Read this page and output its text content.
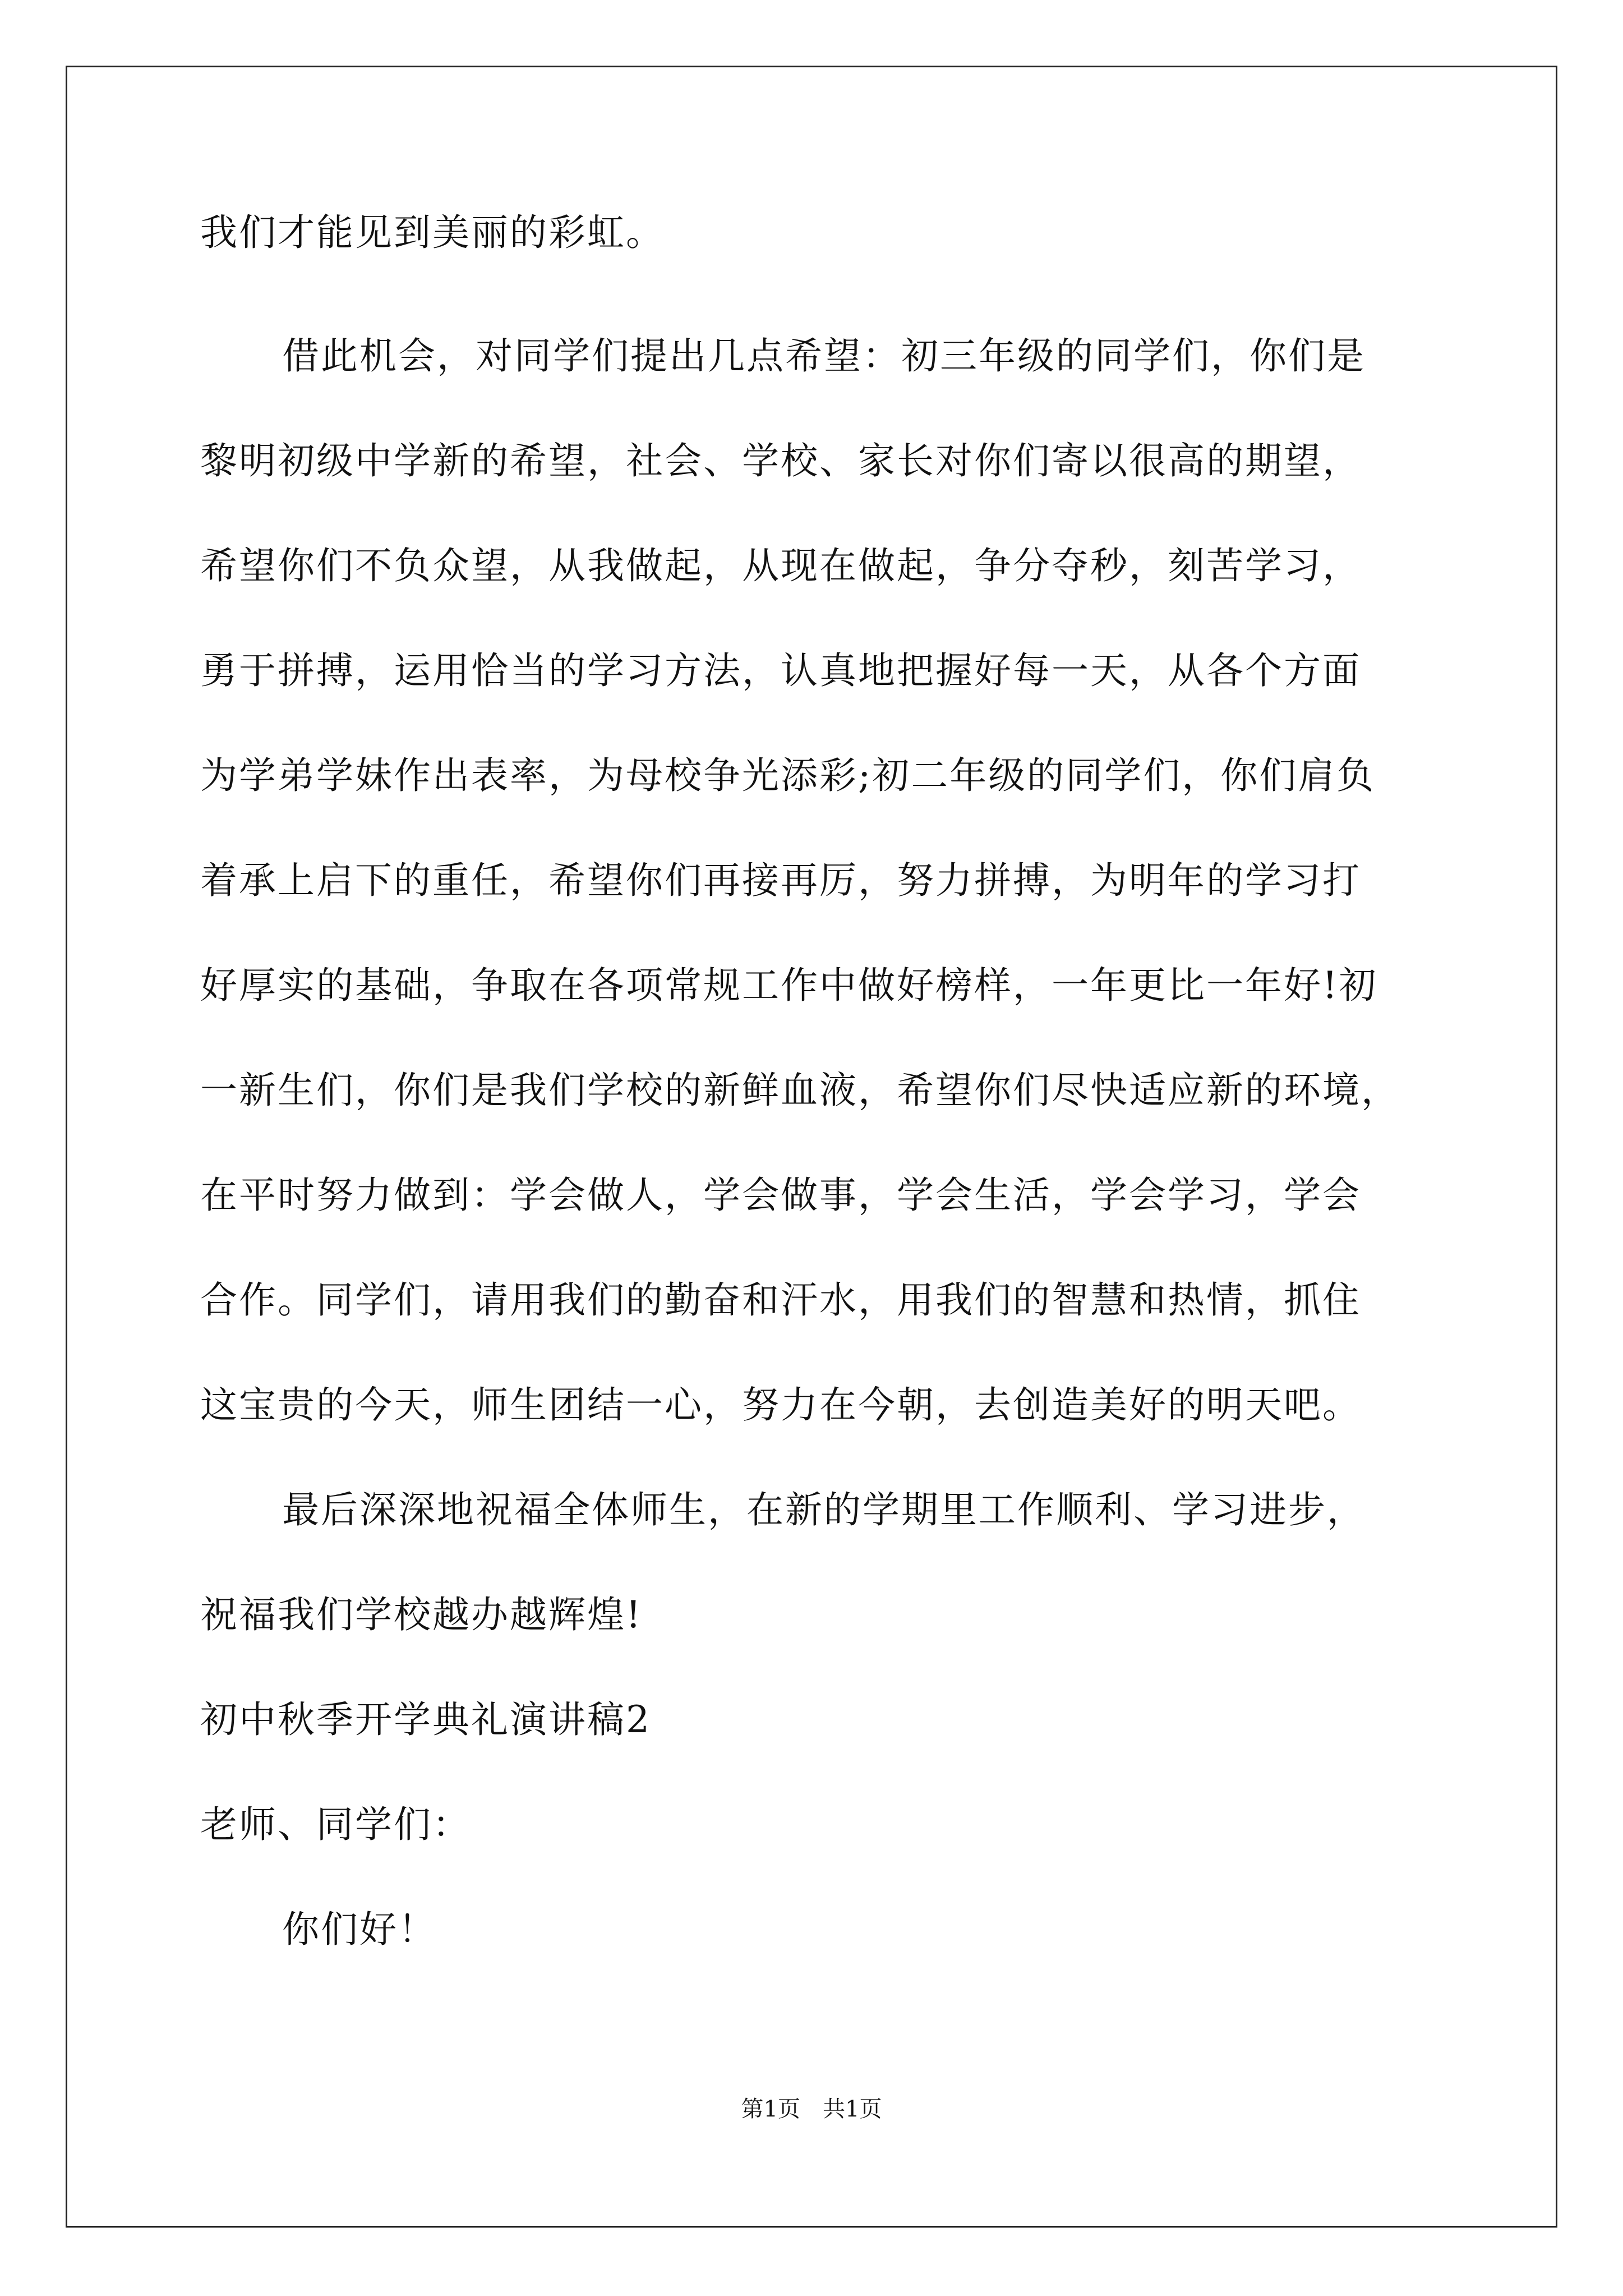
我们才能见到美丽的彩虹。
借此机会，对同学们提出几点希望：初三年级的同学们，你们是
黎明初级中学新的希望，社会、学校、家长对你们寄以很高的期望，
希望你们不负众望，从我做起，从现在做起，争分夺秒，刻苦学习，
勇于拼搏，运用恰当的学习方法，认真地把握好每一天，从各个方面
为学弟学妹作出表率，为母校争光添彩;初二年级的同学们，你们肩负
着承上启下的重任，希望你们再接再厉，努力拼搏，为明年的学习打
好厚实的基础，争取在各项常规工作中做好榜样，一年更比一年好!初
一新生们，你们是我们学校的新鲜血液，希望你们尽快适应新的环境，
在平时努力做到：学会做人，学会做事，学会生活，学会学习，学会
合作。同学们，请用我们的勤奋和汗水，用我们的智慧和热情，抓住
这宝贵的今天，师生团结一心，努力在今朝，去创造美好的明天吧。
最后深深地祝福全体师生，在新的学期里工作顺利、学习进步，
祝福我们学校越办越辉煌!
初中秋季开学典礼演讲稿2
老师、同学们：
你们好！
第1页　共1页
